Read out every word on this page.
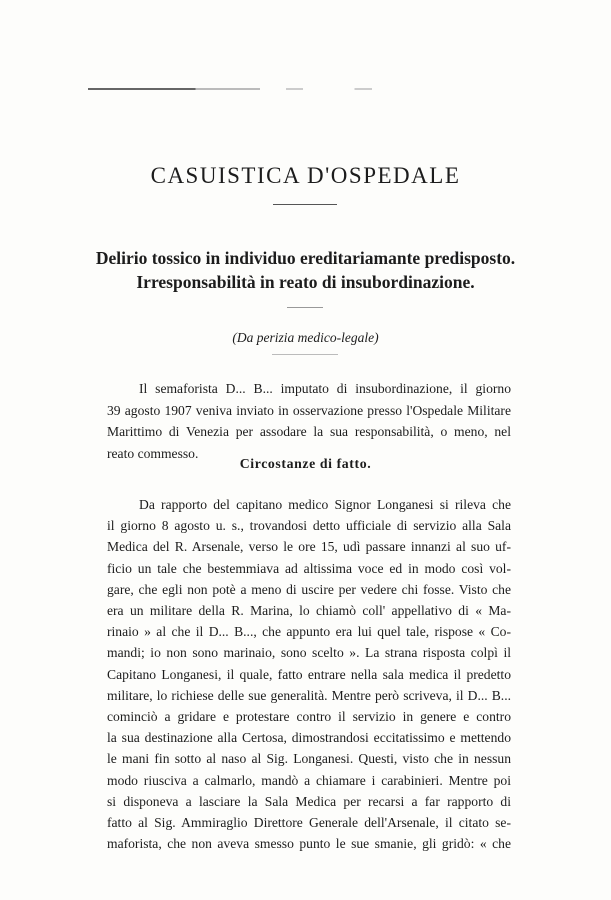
CASUISTICA D'OSPEDALE
Delirio tossico in individuo ereditariamante predisposto.
Irresponsabilità in reato di insubordinazione.

(Da perizia medico-legale)

Il semaforista D... B... imputato di insubordinazione, il giorno
39 agosto 1907 veniva inviato in osservazione presso l'Ospedale Militare
Marittimo di Venezia per assodare la sua responsabilità, o meno, nel
reato commesso.

Circostanze di fatto.

Da rapporto del capitano medico Signor Longanesi si rileva che
il giorno 8 agosto u. s., trovandosi detto ufficiale di servizio alla Sala
Medica del R. Arsenale, verso le ore 15, udì passare innanzi al suo uf-
ficio un tale che bestemmiava ad altissima voce ed in modo così vol-
gare, che egli non potè a meno di uscire per vedere chi fosse. Visto che
era un militare della R. Marina, lo chiamò coll' appellativo di « Ma-
rinaio » al che il D... B..., che appunto era lui quel tale, rispose « Co-
mandi; io non sono marinaio, sono scelto ». La strana risposta colpì il
Capitano Longanesi, il quale, fatto entrare nella sala medica il predetto
militare, lo richiese delle sue generalità. Mentre però scriveva, il D... B...
cominciò a gridare e protestare contro il servizio in genere e contro
la sua destinazione alla Certosa, dimostrandosi eccitatissimo e mettendo
le mani fin sotto al naso al Sig. Longanesi. Questi, visto che in nessun
modo riusciva a calmarlo, mandò a chiamare i carabinieri. Mentre poi
si disponeva a lasciare la Sala Medica per recarsi a far rapporto di
fatto al Sig. Ammiraglio Direttore Generale dell'Arsenale, il citato se-
maforista, che non aveva smesso punto le sue smanie, gli gridò: « che
